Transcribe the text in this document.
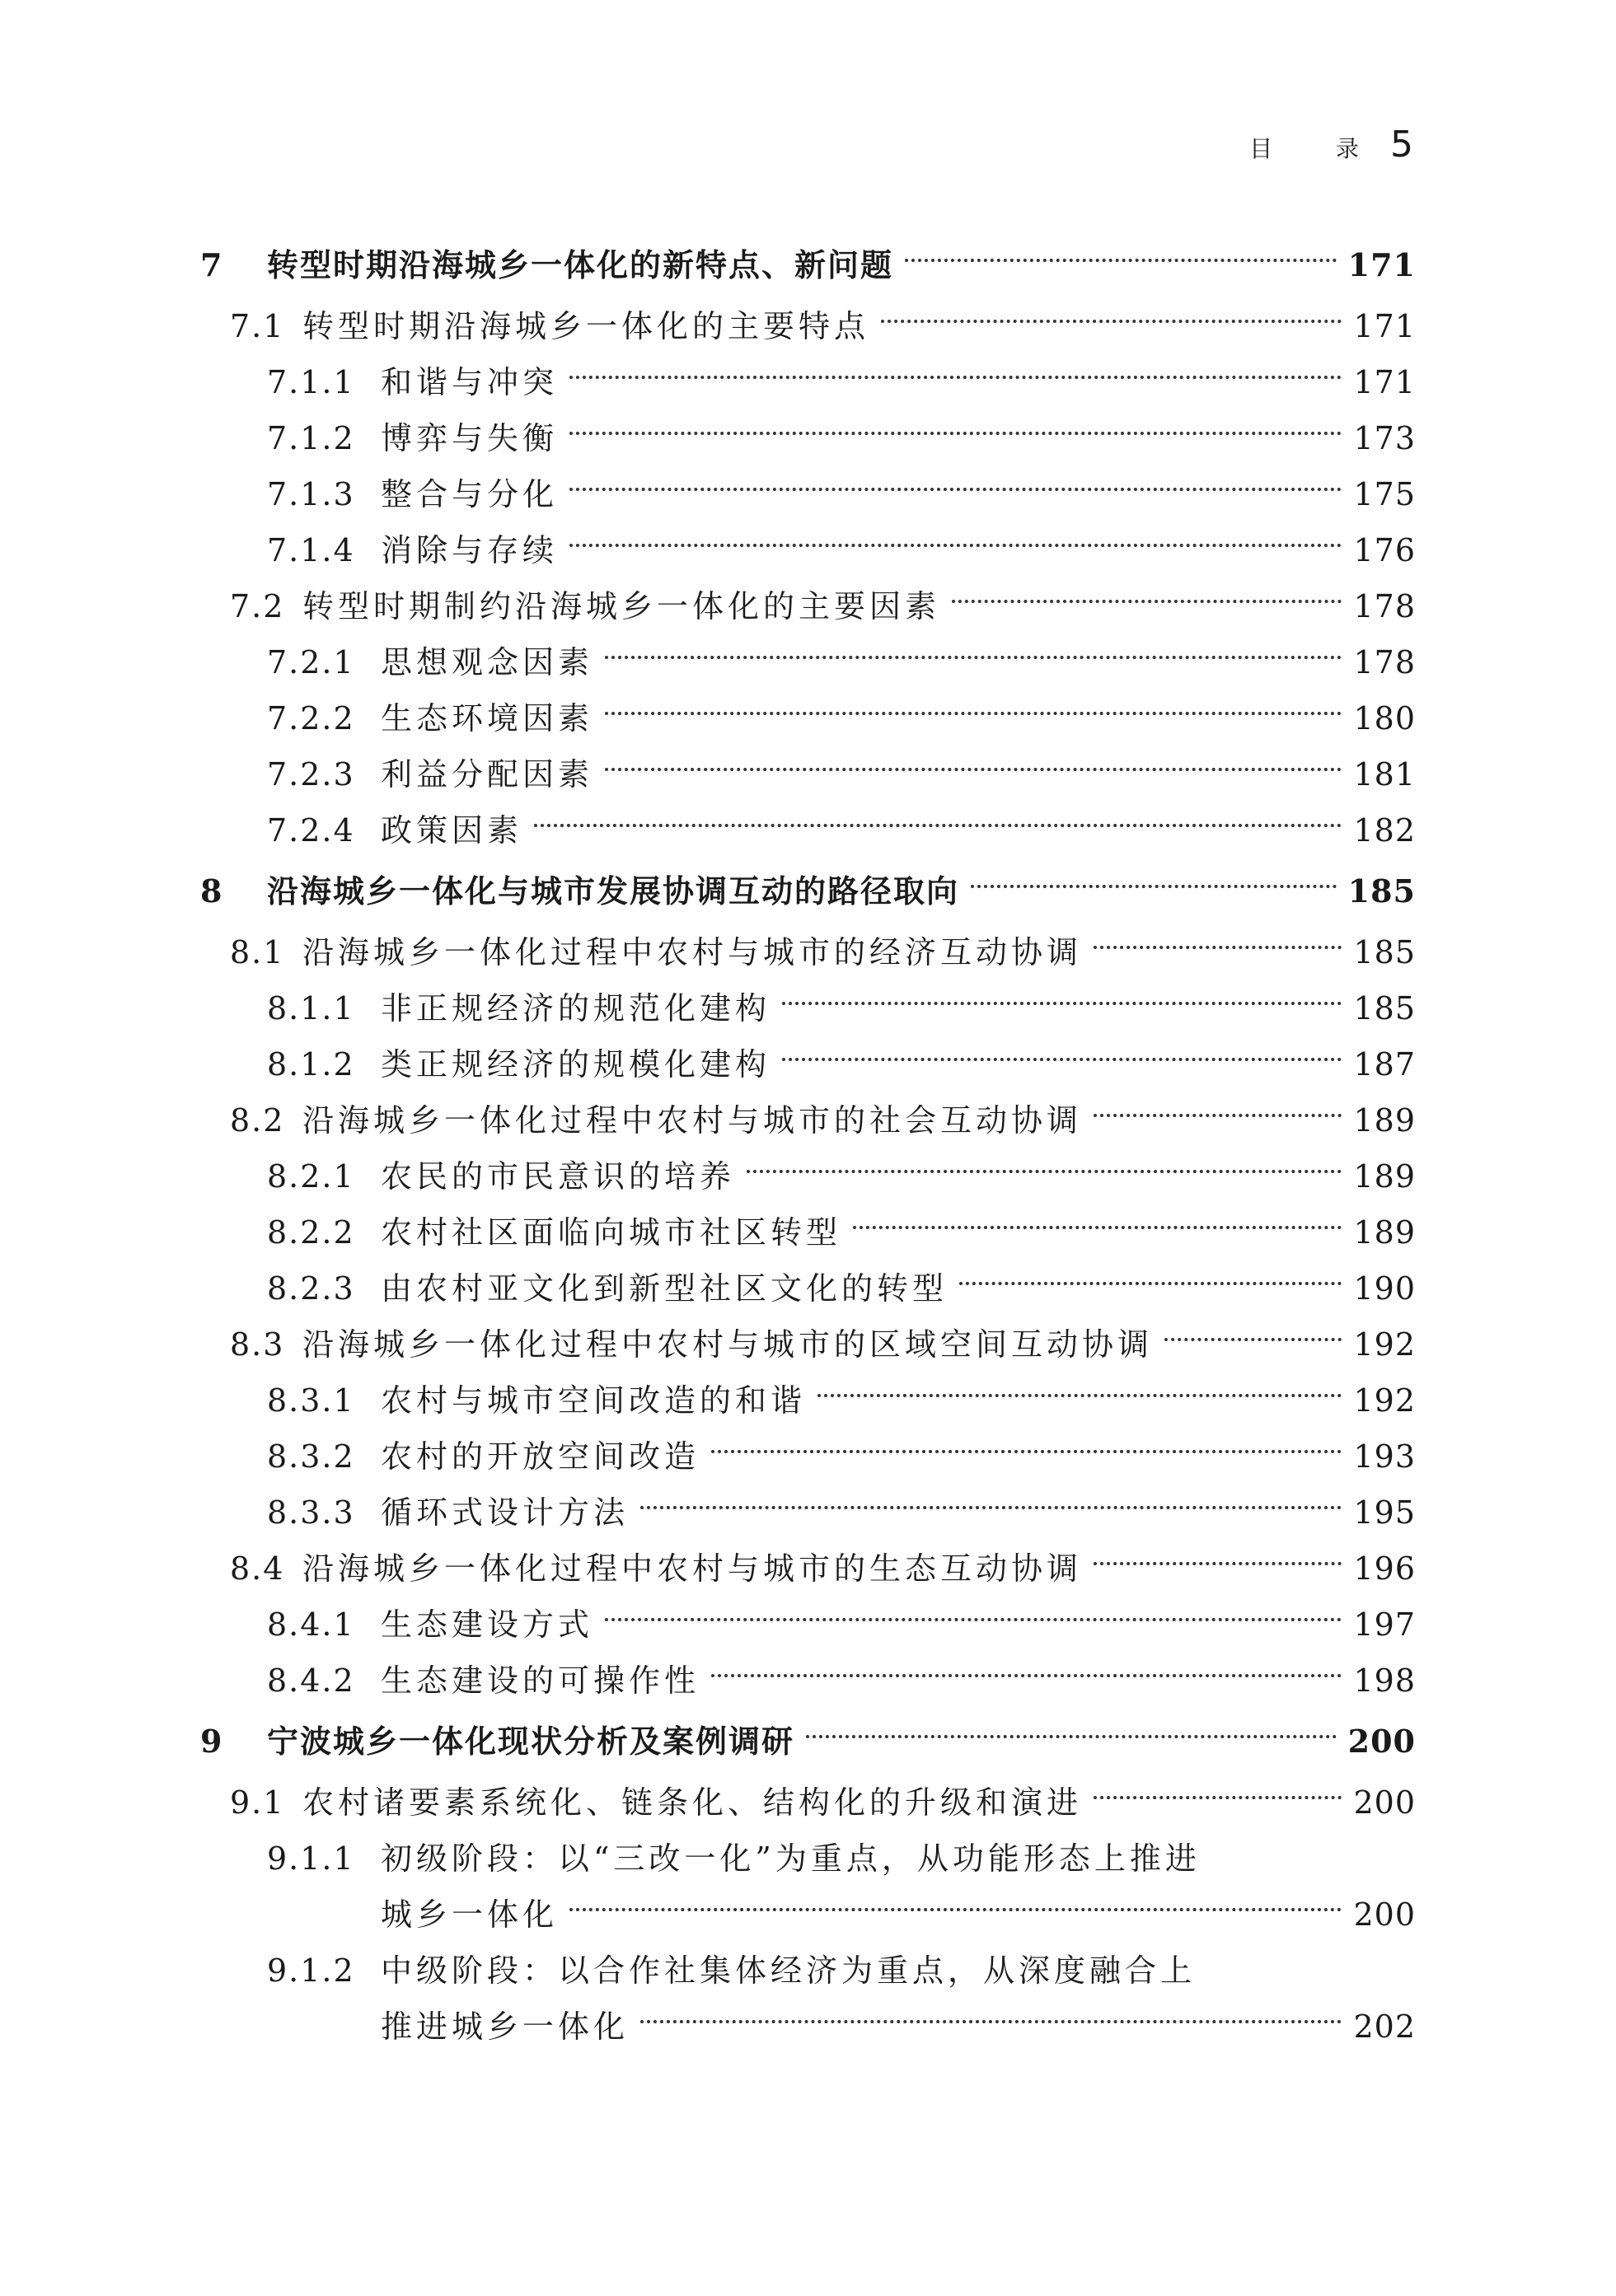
目 录 5
7	转型时期沿海城乡一体化的新特点、新问题	171
7.1 转型时期沿海城乡一体化的主要特点	171
7.1.1 和谐与冲突	171
7.1.2 博弈与失衡	173
7.1.3 整合与分化	175
7.1.4 消除与存续	176
7.2 转型时期制约沿海城乡一体化的主要因素	178
7.2.1 思想观念因素	178
7.2.2 生态环境因素	180
7.2.3 利益分配因素	181
7.2.4 政策因素	182
8	沿海城乡一体化与城市发展协调互动的路径取向	185
8.1 沿海城乡一体化过程中农村与城市的经济互动协调	185
8.1.1 非正规经济的规范化建构	185
8.1.2 类正规经济的规模化建构	187
8.2 沿海城乡一体化过程中农村与城市的社会互动协调	189
8.2.1 农民的市民意识的培养	189
8.2.2 农村社区面临向城市社区转型	189
8.2.3 由农村亚文化到新型社区文化的转型	190
8.3 沿海城乡一体化过程中农村与城市的区域空间互动协调	192
8.3.1 农村与城市空间改造的和谐	192
8.3.2 农村的开放空间改造	193
8.3.3 循环式设计方法	195
8.4 沿海城乡一体化过程中农村与城市的生态互动协调	196
8.4.1 生态建设方式	197
8.4.2 生态建设的可操作性	198
9	宁波城乡一体化现状分析及案例调研	200
9.1 农村诸要素系统化、链条化、结构化的升级和演进	200
9.1.1 初级阶段：以“三改一化”为重点，从功能形态上推进
城乡一体化	200
9.1.2 中级阶段：以合作社集体经济为重点，从深度融合上
推进城乡一体化	202
